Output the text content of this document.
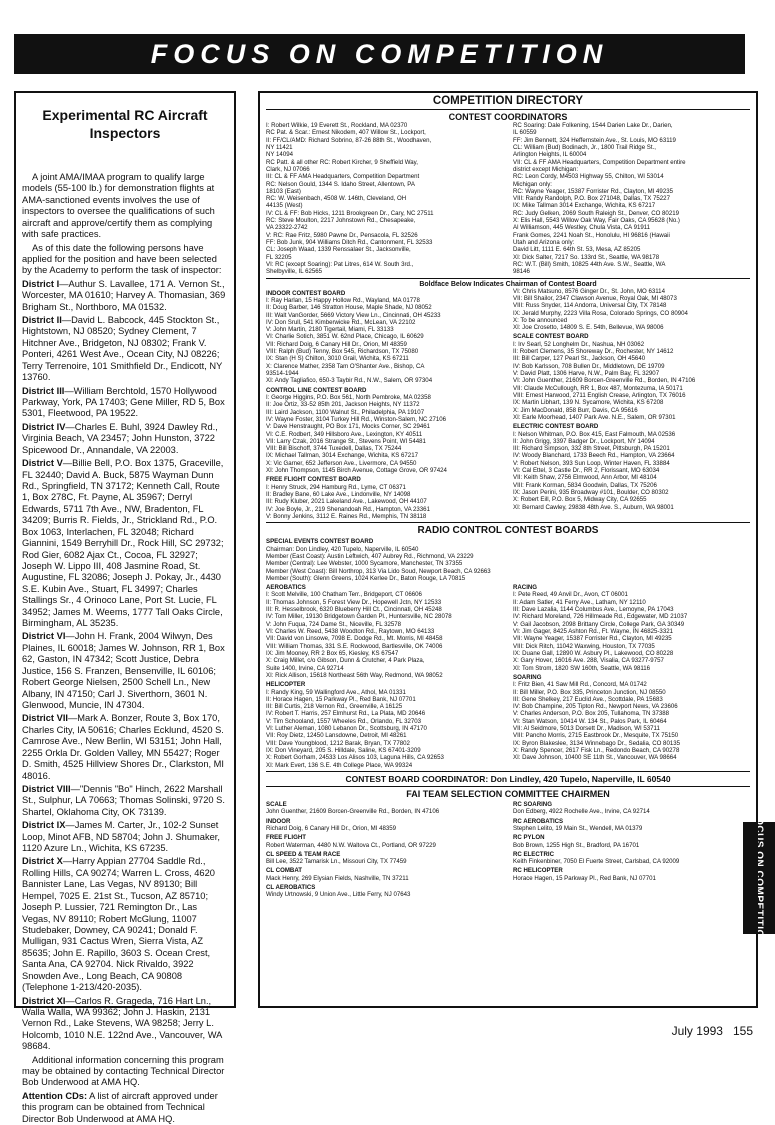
FOCUS ON COMPETITION
FOCUS ON COMPETITION
Experimental RC Aircraft Inspectors

A joint AMA/IMAA program to qualify large models (55-100 lb.) for demonstration flights at AMA-sanctioned events involves the use of inspectors to oversee the qualifications of such aircraft and approve/certify them as complying with safe practices.

As of this date the following persons have applied for the position and have been selected by the Academy to perform the task of inspector:

District I—Authur S. Lavallee, 171 A. Vernon St., Worcester, MA 01610; Harvey A. Thomasian, 369 Brigham St., Northboro, MA 01532.

District II—David L. Babcock, 445 Stockton St., Hightstown, NJ 08520; Sydney Clement, 7 Hitchner Ave., Bridgeton, NJ 08302; Frank V. Ponteri, 4261 West Ave., Ocean City, NJ 08226; Terry Terrenoire, 101 Smithfield Dr., Endicott, NY 13760.

District III—William Berchtold, 1570 Hollywood Parkway, York, PA 17403; Gene Miller, RD 5, Box 5301, Fleetwood, PA 19522.

District IV—Charles E. Buhl, 3924 Dawley Rd., Virginia Beach, VA 23457; John Hunston, 3722 Spicewood Dr., Annandale, VA 22003.

District V—Billie Bell, P.O. Box 1375, Graceville, FL 32440; David A. Buck, 5875 Wayman Dunn Rd., Springfield, TN 37172; Kenneth Call, Route 1, Box 278C, Ft. Payne, AL 35967; Derryl Edwards, 5711 7th Ave., NW, Bradenton, FL 34209; Burris R. Fields, Jr., Strickland Rd., P.O. Box 1063, Interlachen, FL 32048; Richard Giannini, 1549 Berryhill Dr., Rock Hill, SC 29732; Rod Gier, 6082 Ajax Ct., Cocoa, FL 32927; Joseph W. Lippo III, 408 Jasmine Road, St. Augustine, FL 32086; Joseph J. Pokay, Jr., 4430 S.E. Kubin Ave., Stuart, FL 34997; Charles Stallings Sr., 4 Orinoco Lane, Port St. Lucie, FL 34952; James M. Weems, 1777 Tall Oaks Circle, Birmingham, AL 35235.

District VI—John H. Frank, 2004 Wilwyn, Des Plaines, IL 60018; James W. Johnson, RR 1, Box 62, Gaston, IN 47342; Scott Justice, Debra Justice, 156 S. Franzen, Bensenville, IL 60106; Robert George Nielsen, 2500 Schell Ln., New Albany, IN 47150; Carl J. Siverthorn, 3601 N. Glenwood, Muncie, IN 47304.

District VII—Mark A. Bonzer, Route 3, Box 170, Charles City, IA 50616; Charles Ecklund, 4520 S. Camrose Ave., New Berlin, WI 53151; John Hall, 2255 Orkla Dr. Golden Valley, MN 55427; Roger D. Smith, 4525 Hillview Shores Dr., Clarkston, MI 48016.

District VIII—"Dennis "Bo" Hinch, 2622 Marshall St., Sulphur, LA 70663; Thomas Solinski, 9720 S. Shartel, Oklahoma City, OK 73139.

District IX—James M. Carter, Jr., 102-2 Sunset Loop, Minot AFB, ND 58704; John J. Shumaker, 1120 Azure Ln., Wichita, KS 67235.

District X—Harry Appian 27704 Saddle Rd., Rolling Hills, CA 90274; Warren L. Cross, 4620 Bannister Lane, Las Vegas, NV 89130; Bill Hempel, 7025 E. 21st St., Tucson, AZ 85710; Joseph P. Lussier, 721 Remington Dr., Las Vegas, NV 89110; Robert McGlung, 11007 Studebaker, Downey, CA 90241; Donald F. Mulligan, 931 Cactus Wren, Sierra Vista, AZ 85635; John E. Rapillo, 3603 S. Ocean Crest, Santa Ana, CA 92704. Nick Rivaldo, 3922 Snowden Ave., Long Beach, CA 90808 (Telephone 1-213/420-2035).

District XI—Carlos R. Grageda, 716 Hart Ln., Walla Walla, WA 99362; John J. Haskin, 2131 Vernon Rd., Lake Stevens, WA 98258; Jerry L. Holcomb, 1010 N.E. 122nd Ave., Vancouver, WA 98684.

Additional information concerning this program may be obtained by contacting Technical Director Bob Underwood at AMA HQ.

Attention CDs: A list of aircraft approved under this program can be obtained from Technical Director Bob Underwood at AMA HQ.

COMPETITION DIRECTORY
CONTEST COORDINATORS
I: Robert Wilkie, 19 Everett St., Rockland, MA 02370
RC Pat. & Scar.: Ernest Nikodem, 407 Willow St., Lockport,
II: FF/CL/AMD: Richard Sobrino, 87-26 88th St., Woodhaven,
NY 11421
NY 14094
RC Patt. & all other RC: Robert Kircher, 9 Sheffield Way,
Clark, NJ 07066
III: CL & FF AMA Headquarters, Competition Department
RC: Nelson Gould, 1344 S. Idaho Street, Allentown, PA
18103 (East)
RC: W. Weisenbach, 4508 W. 146th, Cleveland, OH
44135 (West)
IV: CL & FF: Bob Hicks, 1211 Brookgreen Dr., Cary, NC 27511
RC: Steve Moulton, 2217 Johnstown Rd., Chesapeake,
VA 23322-2742
V: RC: Rae Fritz, 5980 Pawne Dr., Pensacola, FL 32526
FF: Bob Junk, 904 Williams Ditch Rd., Cantonment, FL 32533
CL: Joseph Waad, 1339 Renssalaer St., Jacksonville,
FL 32205
VI: RC (except Soaring): Pat Litres, 614 W. South 3rd.,
Shelbyville, IL 62565
RC Soaring: Dale Folkening, 1544 Darien Lake Dr., Darien,
IL 60559
FF: Jim Bennett, 324 Heffernstein Ave., St. Louis, MO 63119
CL: William (Bud) Bodinach, Jr., 1800 Trail Ridge St.,
Arlington Heights, IL 60004
VII: CL & FF AMA Headquarters, Competition Department entire
district except Michigan:
RC: Leon Cordy, M4503 Highway 55, Chilton, WI 53014
Michigan only:
RC: Wayne Yeager, 15387 Forrister Rd., Clayton, MI 49235
VIII: Randy Randolph, P.O. Box 271048, Dallas, TX 75227
IX: Mike Tallman 3014 Exchange, Wichita, KS 67217
RC: Judy Gelken, 2069 South Raleigh St., Denver, CO 80219
X: Elis Hall, 5543 Willow Oak Way, Fair Oaks, CA 95628 (No.)
Al Williamson, 445 Westley, Chula Vista, CA 91911
Frank Gomes, 2241 Noah St., Honolulu, HI 96816 (Hawaii
Utah and Arizona only:
David Litt, 1111 E. 64th St. 53, Mesa, AZ 85205
XI: Dick Salter, 7217 So. 133rd St., Seattle, WA 98178
RC: W.T. (Bill) Smith, 10825 44th Ave. S.W., Seattle, WA
98146
Boldface Below Indicates Chairman of Contest Board
INDOOR CONTEST BOARD
I: Ray Harlan, 15 Happy Hollow Rd., Wayland, MA 01778
II: Doug Barber, 146 Stratton House, Maple Shade, NJ 08052
III: Walt VanGorder, 5669 Victory View Ln., Cincinnati, OH 45233
IV: Don Srull, 541 Kimberwicke Rd., McLean, VA 22102
V: John Martin, 2180 Tigertail, Miami, FL 33133
VI: Charlie Sotich, 3851 W. 62nd Place, Chicago, IL 60629
VII: Richard Doig, 6 Canary Hill Dr., Orion, MI 48359
VIII: Ralph (Bud) Tenny, Box 545, Richardson, TX 75080
IX: Stan (H S) Chilton, 3010 Grail, Wichita, KS 67211
X: Clarence Mather, 2358 Tam O'Shanter Ave., Bishop, CA
93514-1944
XI: Andy Tagliafico, 650-3 Taybir Rd., N.W., Salem, OR 97304
CONTROL LINE CONTEST BOARD
I: George Higgins, P.O. Box 561, North Pembroke, MA 02358
II: Joe Ortiz, 33-52 85th 201, Jackson Heights, NY 11372
III: Laird Jackson, 1100 Walnut St., Philadelphia, PA 19107
IV: Wayne Foster, 3104 Turkey Hill Rd., Winston-Salem, NC 27106
V: Dave Henstraught, PO Box 171, Mocks Corner, SC 29461
VI: C.E. Rodbert, 349 Hillsboro Ave., Lexington, KY 40511
VII: Larry Czak, 2016 Strange St., Stevens Point, WI 54481
VIII: Bill Bischoff, 3744 Tuxedell, Dallas, TX 75244
IX: Michael Tallman, 3014 Exchange, Wichita, KS 67217
X: Vic Garner, 652 Jefferson Ave., Livermore, CA 94550
XI: John Thompson, 1145 Birch Avenue, Cottage Grove, OR 97424
FREE FLIGHT CONTEST BOARD
I: Henry Struck, 294 Hamburg Rd., Lyme, CT 06371
II: Bradley Bane, 60 Lake Ave., Lindonville, NY 14098
III: Rudy Kluber, 2021 Lakeland Ave., Lakewood, OH 44107
IV: Joe Boyle, Jr., 219 Shenandoah Rd., Hampton, VA 23361
V: Bonny Jenkins, 3112 E. Raines Rd., Memphis, TN 38118
VI: Chris Matsuno, 8576 Ginger Dr., St. John, MO 63114
VII: Bill Shailor, 2347 Clawson Avenue, Royal Oak, MI 48073
VIII: Russ Snyder, 114 Andorra, Universal City, TX 78148
IX: Jerald Murphy, 2223 Villa Rosa, Colorado Springs, CO 80904
X: To be announced
XI: Joe Crosetto, 14809 S. E. 54th, Bellevue, WA 98006
SCALE CONTEST BOARD
I: Irv Searl, 52 Longhelm Dr., Nashua, NH 03062
II: Robert Clemens, 35 Shoreway Dr., Rochester, NY 14612
III: Bill Carper, 127 Pearl St., Jackson, OH 45640
IV: Bob Karlsson, 708 Bullen Dr., Middletown, DE 19709
V: David Platt, 1306 Harve, N.W., Palm Bay, FL 32907
VI: John Guenther, 21609 Borcen-Greenville Rd., Borden, IN 47106
VII: Claude McCullough, RR 1, Box 487, Montezuma, IA 50171
VIII: Ernest Harwood, 2711 English Crease, Arlington, TX 76016
IX: Martin Libhart, 139 N. Sycamore, Wichita, KS 67208
X: Jim MacDonald, 858 Burr, Davis, CA 95616
XI: Earle Moorhead, 1407 Park Ave. N.E., Salem, OR 97301
ELECTRIC CONTEST BOARD
I: Nelson Whitman, P.O. Box 415, East Falmouth, MA 02536
II: John Grigg, 3397 Badger Dr., Lockport, NY 14094
III: Richard Simpson, 332 8th Street, Pittsburgh, PA 15201
IV: Woody Blanchard, 1733 Beech Rd., Hampton, VA 23664
V: Robert Nelson, 393 Sun Loop, Winter Haven, FL 33884
VI: Cal Ettel, 3 Castle Dr., RR 2, Florissant, MO 63034
VII: Keith Shaw, 2756 Elmwood, Ann Arbor, MI 48104
VIII: Frank Korman, 5834 Goodwin, Dallas, TX 75206
IX: Jason Perini, 935 Broadway #101, Boulder, CO 80302
X: Robert Eill, P.O. Box 5, Midway City, CA 92655
XI: Bernard Cawley, 29838 48th Ave. S., Auburn, WA 98001
RADIO CONTROL CONTEST BOARDS
SPECIAL EVENTS CONTEST BOARD
Chairman: Don Lindley, 420 Tupelo, Naperville, IL 60540
Member (East Coast): Austin Leftwich, 407 Aubrey Rd., Richmond, VA 23229
Member (Central): Lee Webster, 1000 Sycamore, Manchester, TN 37355
Member (West Coast): Bill Northrop, 313 Via Lido Soud, Newport Beach, CA 92663
Member (South): Glenn Greens, 1024 Kerlee Dr., Baton Rouge, LA 70815
AEROBATICS
I: Scott Melville, 100 Chatham Terr., Bridgeport, CT 06606
II: Thomas Johnson, 5 Forest View Dr., Hopewell Jctn, NY 12533
III: R. Hesselbrook, 6320 Blueberry Hill Ct., Cincinnati, OH 45248
IV: Tom Miller, 19130 Bridgetown Garden Pl., Huntersville, NC 28078
V: John Fuqua, 724 Dame St., Niceville, FL 32578
VI: Charles W. Reed, 5438 Woodton Rd., Raytown, MO 64133
VII: David von Linsowe, 7098 E. Dodge Rd., Mt. Morris, MI 48458
VIII: William Thomas, 331 S.E. Rockwood, Bartlesville, OK 74006
IX: Jim Mooney, RR 2 Box 65, Kiesley, KS 67547
X: Craig Millet, c/o Gibson, Dunn & Crutcher, 4 Park Plaza,
Suite 1400, Irvine, CA 92714
XI: Rick Allison, 15618 Northeast 56th Way, Redmond, WA 98052
HELICOPTER
I: Randy King, 59 Wallingford Ave., Athol, MA 01331
II: Horace Hagen, 15 Parkway Pl., Red Bank, NJ 07701
III: Bill Curtis, 218 Vernon Rd., Greenville, A 16125
IV: Robert T. Harris, 257 Elmhurst Rd., La Plata, MD 20646
V: Tim Schooland, 1557 Wheeles Rd., Orlando, FL 32703
VI: Luther Aleman, 1080 Lebanon Dr., Scottsburg, IN 47170
VII: Roy Dietz, 12450 Lansdowne, Detroit, MI 48261
VIII: Dave Youngblood, 1212 Barak, Bryan, TX 77802
IX: Don Vineyard, 205 S. Hilldale, Saline, KS 67401-3209
X: Robert Gorham, 24533 Los Alisos 103, Laguna Hills, CA 92653
XI: Mark Evert, 136 S.E. 4th College Place, WA 99324
RACING
I: Pete Reed, 49 Anvil Dr., Avon, CT 06001
II: Adam Satler, 41 Ferry Ave., Latham, NY 12110
III: Dave Lazalia, 1144 Columbus Ave., Lemoyne, PA 17043
IV: Richard Moreland, 726 Hillmeade Rd., Edgewater, MD 21037
V: Gail Jacobson, 2098 Brittany Circle, College Park, GA 30349
VI: Jim Gager, 8425 Ashton Rd., Ft. Wayne, IN 46825-3321
VII: Wayne Yeager, 15387 Forrister Rd., Clayton, MI 49235
VIII: Dick Ritch, 11042 Waxwing, Houston, TX 77035
IX: Duane Gall, 12890 W. Asbury Pl., Lakewood, CO 80228
X: Gary Hover, 16016 Ave. 288, Visalia, CA 93277-9757
XI: Tom Strom, 1820 SW 160th, Seattle, WA 98116
SOARING
I: Fritz Bien, 41 Saw Mill Rd., Concord, MA 01742
II: Bill Miller, P.O. Box 335, Princeton Junction, NJ 08550
III: Gene Shelkey, 217 Euclid Ave., Scottdale, PA 15683
IV: Bob Champine, 205 Tipton Rd., Newport News, VA 23606
V: Charles Anderson, P.O. Box 205, Tullahoma, TN 37388
VI: Stan Watson, 10414 W. 134 St., Palos Park, IL 60464
VII: Al Seidmore, 5013 Dorsett Dr., Madison, WI 53711
VIII: Pancho Morris, 2715 Eastbrook Dr., Mesquite, TX 75150
IX: Byron Blakeslee, 3134 Winnebago Dr., Sedalia, CO 80135
X: Randy Spencer, 2617 Fisk Ln., Redondo Beach, CA 90278
XI: Dave Johnson, 10400 SE 11th St., Vancouver, WA 98664
CONTEST BOARD COORDINATOR: Don Lindley, 420 Tupelo, Naperville, IL 60540
FAI TEAM SELECTION COMMITTEE CHAIRMEN
SCALE
John Guenther, 21609 Borcen-Greenville Rd., Borden, IN 47106
INDOOR
Richard Doig, 6 Canary Hill Dr., Orion, MI 48359
FREE FLIGHT
Robert Waterman, 4480 N.W. Waltova Ct., Portland, OR 97229
CL SPEED & TEAM RACE
Bill Lee, 3522 Tamarisk Ln., Missouri City, TX 77459
CL COMBAT
Mack Henry, 269 Elysian Fields, Nashville, TN 37211
CL AEROBATICS
Windy Urtnowski, 9 Union Ave., Little Ferry, NJ 07643
RC SOARING
Don Edberg, 4922 Rochelle Ave., Irvine, CA 92714
RC AEROBATICS
Stephen Lelito, 19 Main St., Wendell, MA 01379
RC PYLON
Bob Brown, 1255 High St., Bradford, PA 16701
RC ELECTRIC
Keith Finkenbiner, 7050 El Fuerte Street, Carlsbad, CA 92009
RC HELICOPTER
Horace Hagen, 15 Parkway Pl., Red Bank, NJ 07701
July 1993 155
